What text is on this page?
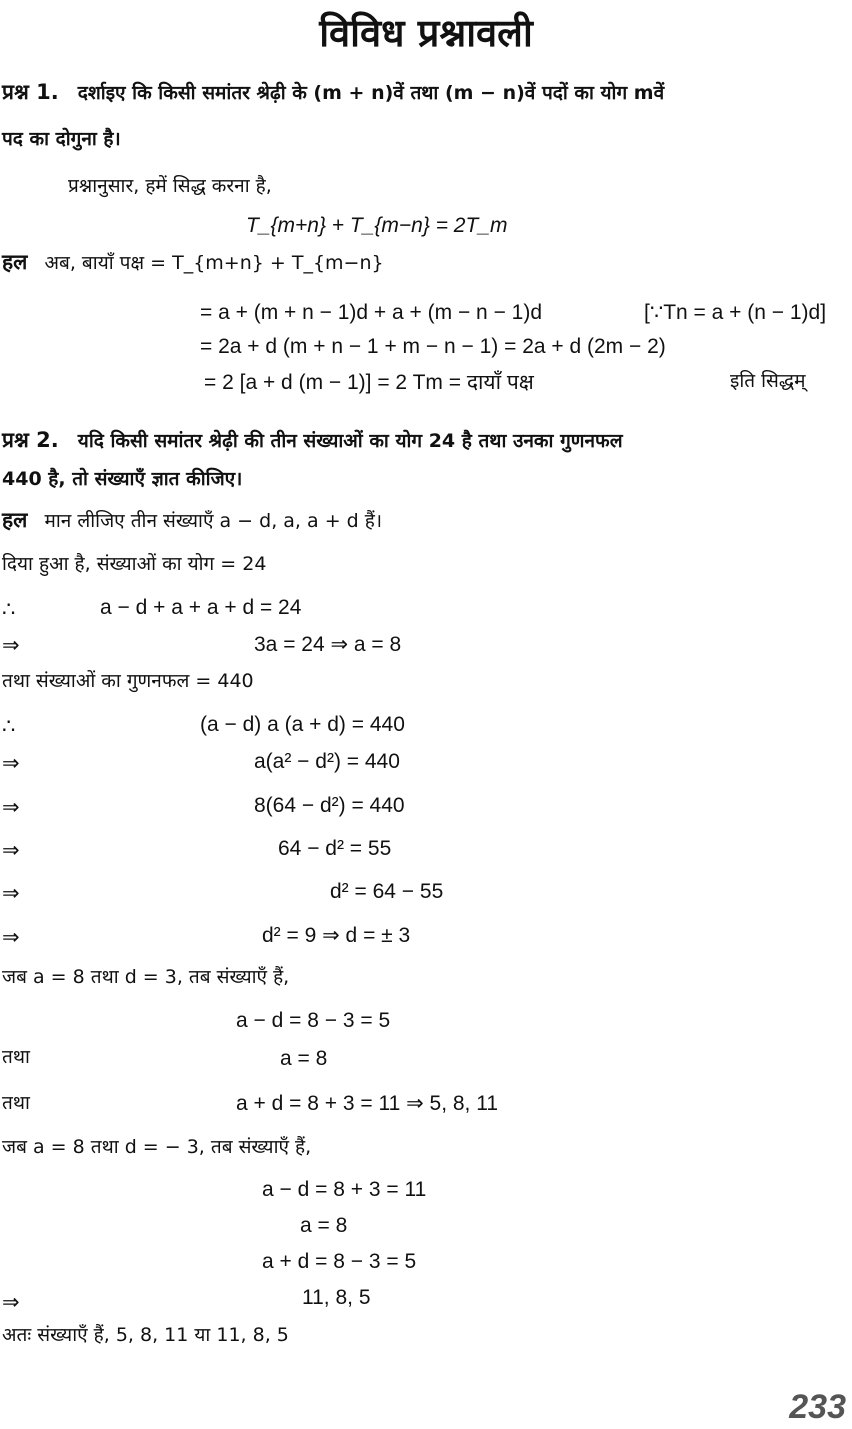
विविध प्रश्नावली
प्रश्न 1. दर्शाइए कि किसी समांतर श्रेढ़ी के (m + n)वें तथा (m − n)वें पदों का योग mवें
पद का दोगुना है।
प्रश्नानुसार, हमें सिद्ध करना है,
T_{m+n} + T_{m−n} = 2T_m
हल अब, बायाँ पक्ष = T_{m+n} + T_{m−n}
= a + (m + n − 1)d + a + (m − n − 1)d	[∵Tn = a + (n − 1)d]
= 2a + d (m + n − 1 + m − n − 1) = 2a + d (2m − 2)
= 2 [a + d (m − 1)] = 2 Tm = दायाँ पक्ष	इति सिद्धम्
प्रश्न 2. यदि किसी समांतर श्रेढ़ी की तीन संख्याओं का योग 24 है तथा उनका गुणनफल
440 है, तो संख्याएँ ज्ञात कीजिए।
हल मान लीजिए तीन संख्याएँ a − d, a, a + d हैं।
दिया हुआ है, संख्याओं का योग = 24
∴	a − d + a + a + d = 24
⇒	3a = 24 ⇒ a = 8
तथा संख्याओं का गुणनफल = 440
∴	(a − d) a (a + d) = 440
⇒	a(a² − d²) = 440
⇒	8(64 − d²) = 440
⇒	64 − d² = 55
⇒	d² = 64 − 55
⇒	d² = 9 ⇒ d = ± 3
जब a = 8 तथा d = 3, तब संख्याएँ हैं,
a − d = 8 − 3 = 5
तथा	a = 8
तथा	a + d = 8 + 3 = 11 ⇒ 5, 8, 11
जब a = 8 तथा d = − 3, तब संख्याएँ हैं,
a − d = 8 + 3 = 11
a = 8
a + d = 8 − 3 = 5
⇒	11, 8, 5
अतः संख्याएँ हैं, 5, 8, 11 या 11, 8, 5
233
